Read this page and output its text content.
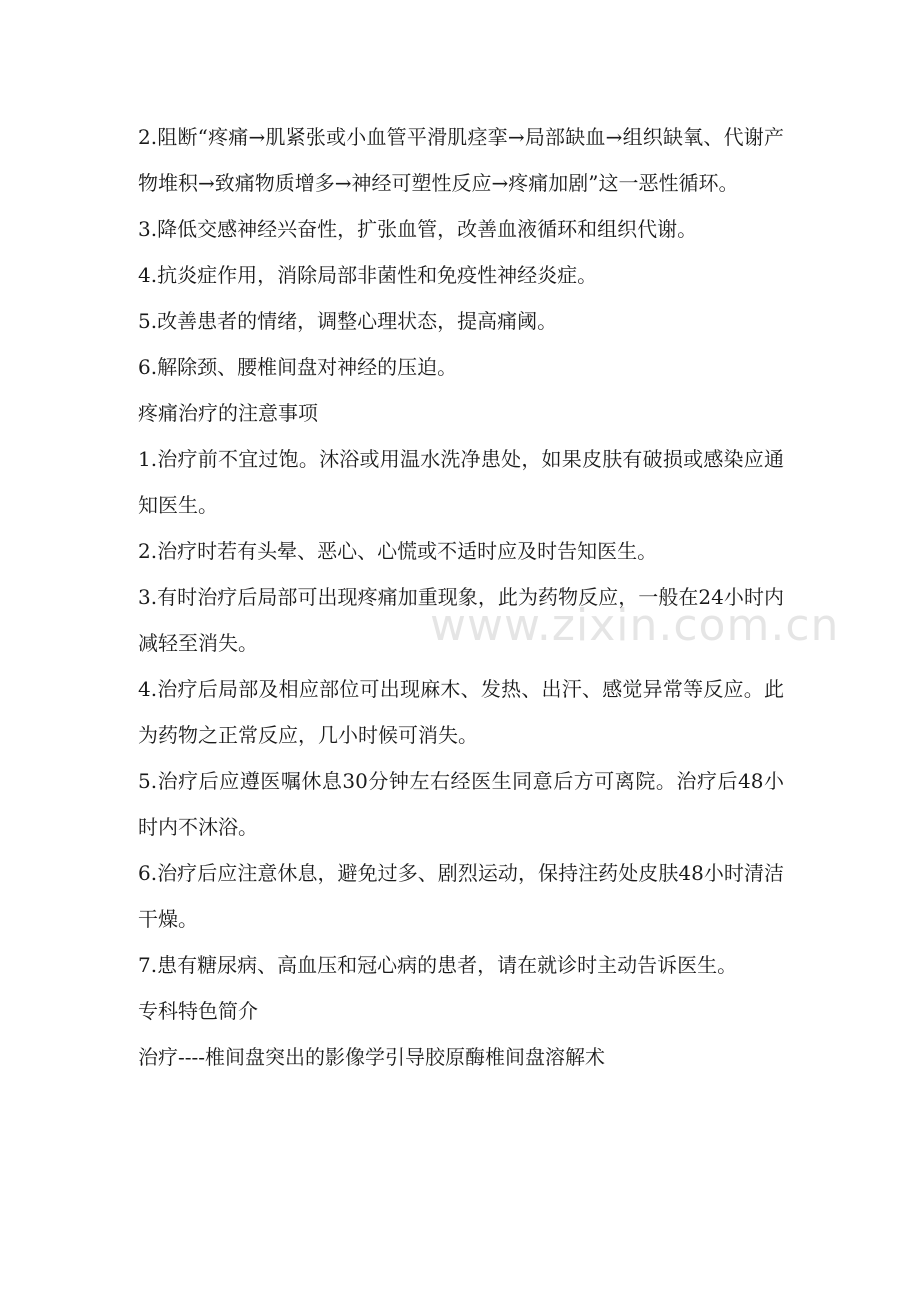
2.阻断“疼痛→肌紧张或小血管平滑肌痉挛→局部缺血→组织缺氧、代谢产物堆积→致痛物质增多→神经可塑性反应→疼痛加剧”这一恶性循环。

3.降低交感神经兴奋性，扩张血管，改善血液循环和组织代谢。

4.抗炎症作用，消除局部非菌性和免疫性神经炎症。

5.改善患者的情绪，调整心理状态，提高痛阈。

6.解除颈、腰椎间盘对神经的压迫。

疼痛治疗的注意事项

1.治疗前不宜过饱。沐浴或用温水洗净患处，如果皮肤有破损或感染应通知医生。

2.治疗时若有头晕、恶心、心慌或不适时应及时告知医生。

3.有时治疗后局部可出现疼痛加重现象，此为药物反应，一般在24小时内减轻至消失。

4.治疗后局部及相应部位可出现麻木、发热、出汗、感觉异常等反应。此为药物之正常反应，几小时候可消失。

5.治疗后应遵医嘱休息30分钟左右经医生同意后方可离院。治疗后48小时内不沐浴。

6.治疗后应注意休息，避免过多、剧烈运动，保持注药处皮肤48小时清洁干燥。

7.患有糖尿病、高血压和冠心病的患者，请在就诊时主动告诉医生。

专科特色简介

治疗----椎间盘突出的影像学引导胶原酶椎间盘溶解术

www.zixin.com.cn
